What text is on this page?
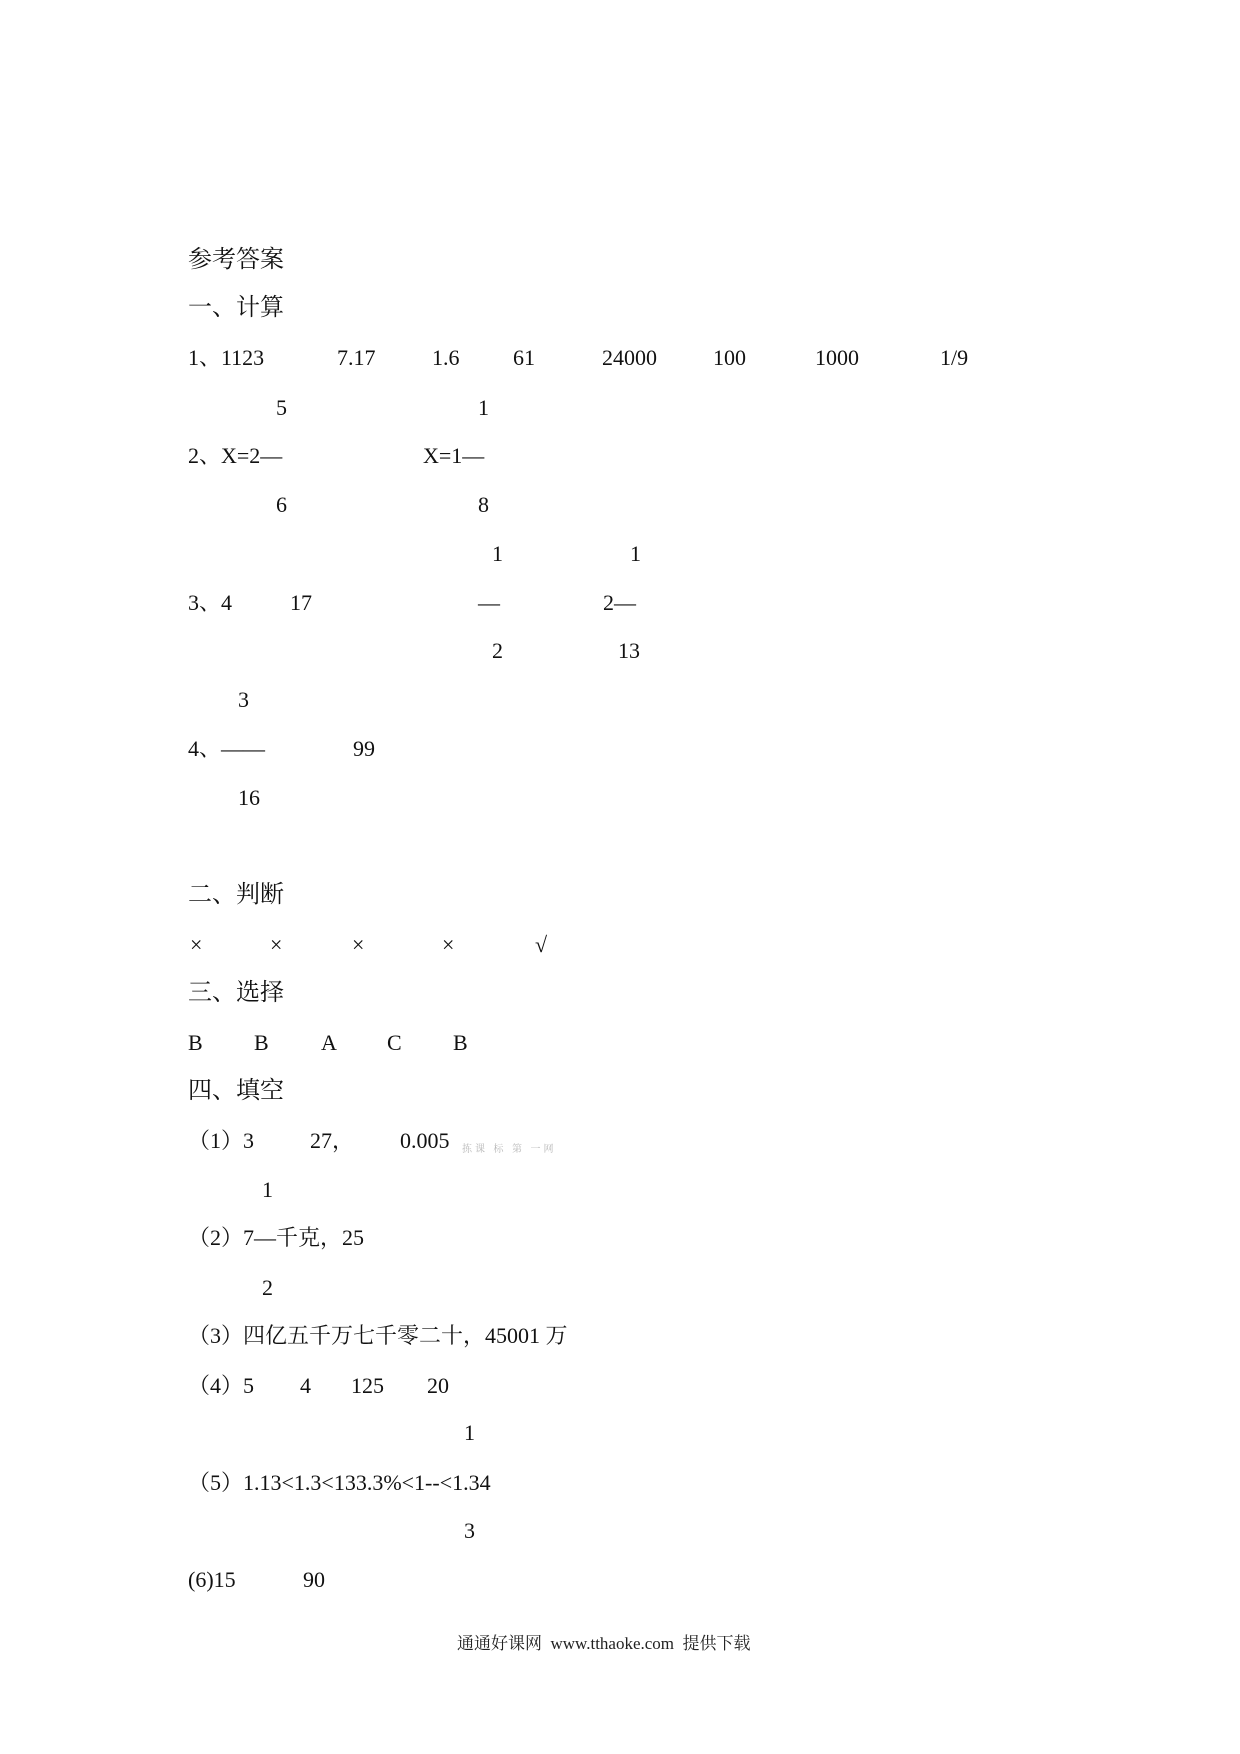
参考答案
一、计算
1、1123	7.17	1.6 61	24000	100	1000	1/9
5	1
2、X=2—	X=1—
6	8
1	1
3、4	17	—	2—
2	13
3
4、——	99
16
二、判断
×	×	×	×	√
三、选择
B B A C B
四、填空
（1）3	27， 0.005 拣课 标 第 一网
1
（2）7—千克，25
2
（3）四亿五千万七千零二十，45001 万
（4）5 4 125 20
1
（5）1.13<1.3<133.3%<1--<1.34
3
(6)15	90
通通好课网  www.tthaoke.com  提供下载
